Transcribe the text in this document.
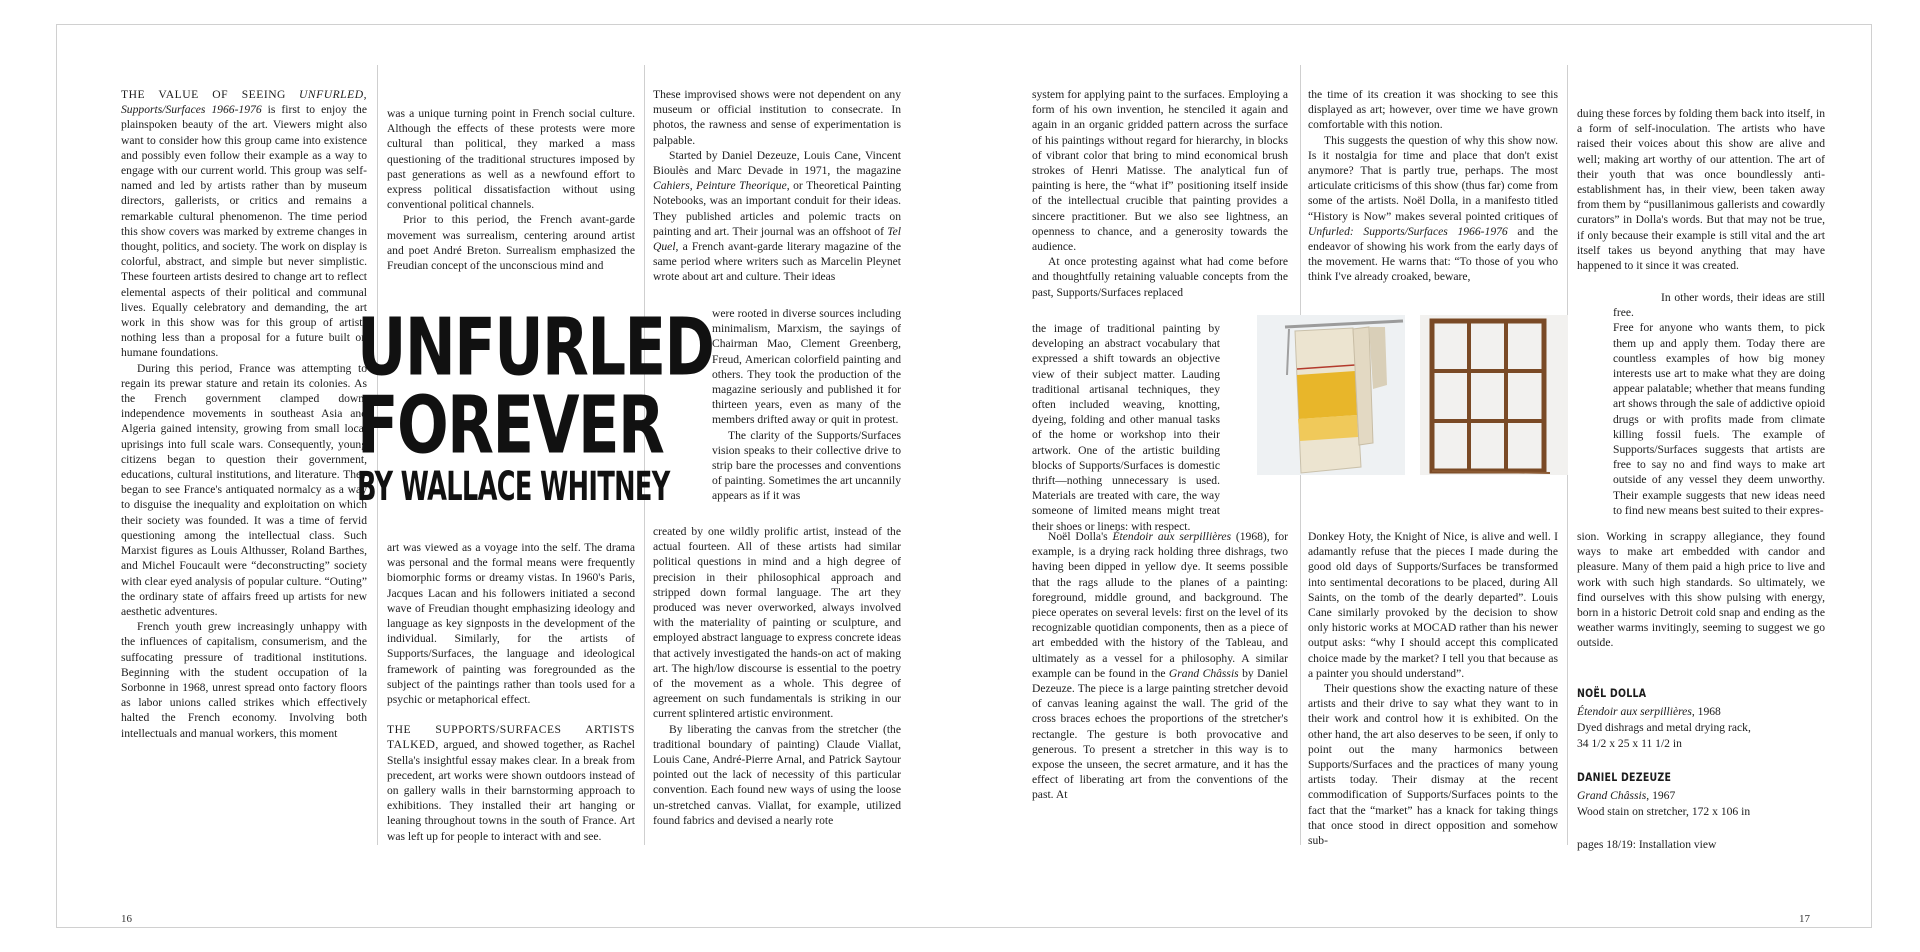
THE VALUE OF SEEING UNFURLED, Supports/Surfaces 1966-1976 is first to enjoy the plainspoken beauty of the art. Viewers might also want to consider how this group came into existence and possibly even follow their example as a way to engage with our current world. This group was self-named and led by artists rather than by museum directors, gallerists, or critics and remains a remarkable cultural phenomenon. The time period this show covers was marked by extreme changes in thought, politics, and society. The work on display is colorful, abstract, and simple but never simplistic. These fourteen artists desired to change art to reflect elemental aspects of their political and communal lives. Equally celebratory and demanding, the art work in this show was for this group of artists nothing less than a proposal for a future built on humane foundations.

During this period, France was attempting to regain its prewar stature and retain its colonies. As the French government clamped down, independence movements in southeast Asia and Algeria gained intensity, growing from small local uprisings into full scale wars. Consequently, young citizens began to question their government, educations, cultural institutions, and literature. They began to see France's antiquated normalcy as a way to disguise the inequality and exploitation on which their society was founded. It was a time of fervid questioning among the intellectual class. Such Marxist figures as Louis Althusser, Roland Barthes, and Michel Foucault were “deconstructing” society with clear eyed analysis of popular culture. “Outing” the ordinary state of affairs freed up artists for new aesthetic adventures.

French youth grew increasingly unhappy with the influences of capitalism, consumerism, and the suffocating pressure of traditional institutions. Beginning with the student occupation of la Sorbonne in 1968, unrest spread onto factory floors as labor unions called strikes which effectively halted the French economy. Involving both intellectuals and manual workers, this moment

was a unique turning point in French social culture. Although the effects of these protests were more cultural than political, they marked a mass questioning of the traditional structures imposed by past generations as well as a newfound effort to express political dissatisfaction without using conventional political channels.

Prior to this period, the French avant-garde movement was surrealism, centering around artist and poet André Breton. Surrealism emphasized the Freudian concept of the unconscious mind and

art was viewed as a voyage into the self. The drama was personal and the formal means were frequently biomorphic forms or dreamy vistas. In 1960's Paris, Jacques Lacan and his followers initiated a second wave of Freudian thought emphasizing ideology and language as key signposts in the development of the individual. Similarly, for the artists of Supports/Surfaces, the language and ideological framework of painting was foregrounded as the subject of the paintings rather than tools used for a psychic or metaphorical effect.

THE SUPPORTS/SURFACES ARTISTS TALKED, argued, and showed together, as Rachel Stella's insightful essay makes clear. In a break from precedent, art works were shown outdoors instead of on gallery walls in their barnstorming approach to exhibitions. They installed their art hanging or leaning throughout towns in the south of France. Art was left up for people to interact with and see.

These improvised shows were not dependent on any museum or official institution to consecrate. In photos, the rawness and sense of experimentation is palpable.

Started by Daniel Dezeuze, Louis Cane, Vincent Bioulès and Marc Devade in 1971, the magazine Cahiers, Peinture Theorique, or Theoretical Painting Notebooks, was an important conduit for their ideas. They published articles and polemic tracts on painting and art. Their journal was an offshoot of Tel Quel, a French avant-garde literary magazine of the same period where writers such as Marcelin Pleynet wrote about art and culture. Their ideas

were rooted in diverse sources including minimalism, Marxism, the sayings of Chairman Mao, Clement Greenberg, Freud, American colorfield painting and others. They took the production of the magazine seriously and published it for thirteen years, even as many of the members drifted away or quit in protest.

The clarity of the Supports/Surfaces vision speaks to their collective drive to strip bare the processes and conventions of painting. Sometimes the art uncannily appears as if it was

created by one wildly prolific artist, instead of the actual fourteen. All of these artists had similar political questions in mind and a high degree of precision in their philosophical approach and stripped down formal language. The art they produced was never overworked, always involved with the materiality of painting or sculpture, and employed abstract language to express concrete ideas that actively investigated the hands-on act of making art. The high/low discourse is essential to the poetry of the movement as a whole. This degree of agreement on such fundamentals is striking in our current splintered artistic environment.

By liberating the canvas from the stretcher (the traditional boundary of painting) Claude Viallat, Louis Cane, André-Pierre Arnal, and Patrick Saytour pointed out the lack of necessity of this particular convention. Each found new ways of using the loose un-stretched canvas. Viallat, for example, utilized found fabrics and devised a nearly rote

UNFURLED
FOREVER
BY WALLACE WHITNEY
16

system for applying paint to the surfaces. Employing a form of his own invention, he stenciled it again and again in an organic gridded pattern across the surface of his paintings without regard for hierarchy, in blocks of vibrant color that bring to mind economical brush strokes of Henri Matisse. The analytical fun of painting is here, the “what if” positioning itself inside of the intellectual crucible that painting provides a sincere practitioner. But we also see lightness, an openness to chance, and a generosity towards the audience.

At once protesting against what had come before and thoughtfully retaining valuable concepts from the past, Supports/Surfaces replaced

the image of traditional painting by developing an abstract vocabulary that expressed a shift towards an objective view of their subject matter. Lauding traditional artisanal techniques, they often included weaving, knotting, dyeing, folding and other manual tasks of the home or workshop into their artwork. One of the artistic building blocks of Supports/Surfaces is domestic thrift—nothing unnecessary is used. Materials are treated with care, the way someone of limited means might treat their shoes or linens: with respect.

Noël Dolla's Étendoir aux serpillières (1968), for example, is a drying rack holding three dishrags, two having been dipped in yellow dye. It seems possible that the rags allude to the planes of a painting: foreground, middle ground, and background. The piece operates on several levels: first on the level of its recognizable quotidian components, then as a piece of art embedded with the history of the Tableau, and ultimately as a vessel for a philosophy. A similar example can be found in the Grand Châssis by Daniel Dezeuze. The piece is a large painting stretcher devoid of canvas leaning against the wall. The grid of the cross braces echoes the proportions of the stretcher's rectangle. The gesture is both provocative and generous. To present a stretcher in this way is to expose the unseen, the secret armature, and it has the effect of liberating art from the conventions of the past. At

the time of its creation it was shocking to see this displayed as art; however, over time we have grown comfortable with this notion.

This suggests the question of why this show now. Is it nostalgia for time and place that don't exist anymore? That is partly true, perhaps. The most articulate criticisms of this show (thus far) come from some of the artists. Noël Dolla, in a manifesto titled “History is Now” makes several pointed critiques of Unfurled: Supports/Surfaces 1966-1976 and the endeavor of showing his work from the early days of the movement. He warns that: “To those of you who think I've already croaked, beware,

Donkey Hoty, the Knight of Nice, is alive and well. I adamantly refuse that the pieces I made during the good old days of Supports/Surfaces be transformed into sentimental decorations to be placed, during All Saints, on the tomb of the dearly departed”. Louis Cane similarly provoked by the decision to show only historic works at MOCAD rather than his newer output asks: “why I should accept this complicated choice made by the market? I tell you that because as a painter you should understand”.

Their questions show the exacting nature of these artists and their drive to say what they want to in their work and control how it is exhibited. On the other hand, the art also deserves to be seen, if only to point out the many harmonics between Supports/Surfaces and the practices of many young artists today. Their dismay at the recent commodification of Supports/Surfaces points to the fact that the “market” has a knack for taking things that once stood in direct opposition and somehow sub-

duing these forces by folding them back into itself, in a form of self-inoculation. The artists who have raised their voices about this show are alive and well; making art worthy of our attention. The art of their youth that was once boundlessly anti-establishment has, in their view, been taken away from them by “pusillanimous gallerists and cowardly curators” in Dolla's words. But that may not be true, if only because their example is still vital and the art itself takes us beyond anything that may have happened to it since it was created.

In other words, their ideas are still free.

Free for anyone who wants them, to pick them up and apply them. Today there are countless examples of how big money interests use art to make what they are doing appear palatable; whether that means funding art shows through the sale of addictive opioid drugs or with profits made from climate killing fossil fuels. The example of Supports/Surfaces suggests that artists are free to say no and find ways to make art outside of any vessel they deem unworthy. Their example suggests that new ideas need to find new means best suited to their expres-

sion. Working in scrappy allegiance, they found ways to make art embedded with candor and pleasure. Many of them paid a high price to live and work with such high standards. So ultimately, we find ourselves with this show pulsing with energy, born in a historic Detroit cold snap and ending as the weather warms invitingly, seeming to suggest we go outside.

NOËL DOLLA
Étendoir aux serpillières, 1968
Dyed dishrags and metal drying rack,
34 1/2 x 25 x 11 1/2 in
DANIEL DEZEUZE
Grand Châssis, 1967
Wood stain on stretcher, 172 x 106 in
pages 18/19: Installation view
17
